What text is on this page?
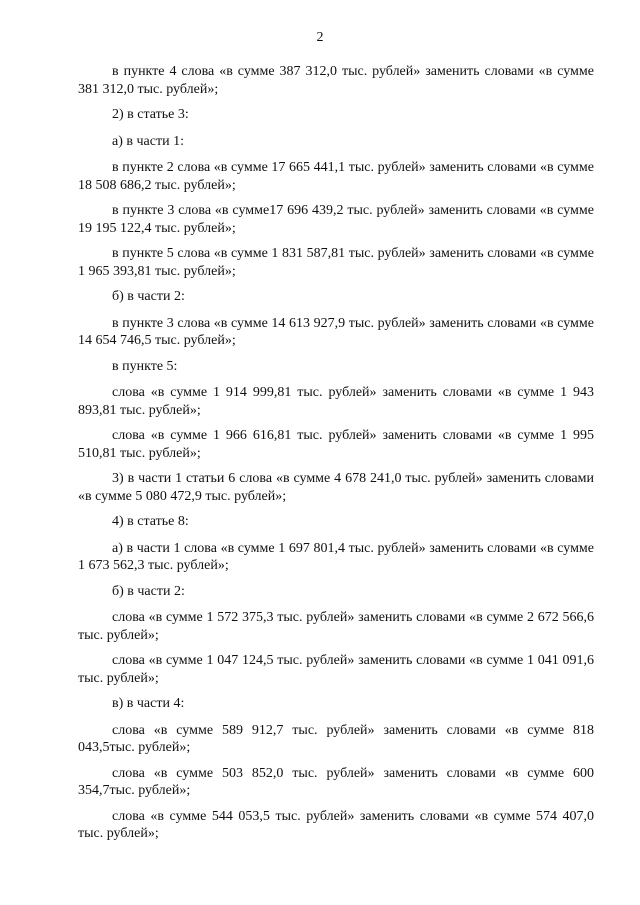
2

в пункте 4 слова «в сумме 387 312,0 тыс. рублей» заменить словами «в сумме 381 312,0 тыс. рублей»;

2) в статье 3:

а) в части 1:

в пункте 2 слова «в сумме 17 665 441,1 тыс. рублей» заменить словами «в сумме 18 508 686,2 тыс. рублей»;

в пункте 3 слова «в сумме17 696 439,2 тыс. рублей» заменить словами «в сумме 19 195 122,4 тыс. рублей»;

в пункте 5 слова «в сумме 1 831 587,81 тыс. рублей» заменить словами «в сумме 1 965 393,81 тыс. рублей»;

б) в части 2:

в пункте 3 слова «в сумме 14 613 927,9 тыс. рублей» заменить словами «в сумме 14 654 746,5 тыс. рублей»;

в пункте 5:

слова «в сумме 1 914 999,81 тыс. рублей» заменить словами «в сумме 1 943 893,81 тыс. рублей»;

слова «в сумме 1 966 616,81 тыс. рублей» заменить словами «в сумме 1 995 510,81 тыс. рублей»;

3) в части 1 статьи 6 слова «в сумме 4 678 241,0 тыс. рублей» заменить словами «в сумме 5 080 472,9 тыс. рублей»;

4) в статье 8:

а) в части 1 слова «в сумме 1 697 801,4 тыс. рублей» заменить словами «в сумме 1 673 562,3 тыс. рублей»;

б) в части 2:

слова «в сумме 1 572 375,3 тыс. рублей» заменить словами «в сумме 2 672 566,6 тыс. рублей»;

слова «в сумме 1 047 124,5 тыс. рублей» заменить словами «в сумме 1 041 091,6 тыс. рублей»;

в) в части 4:

слова «в сумме 589 912,7 тыс. рублей» заменить словами «в сумме 818 043,5тыс. рублей»;

слова «в сумме 503 852,0 тыс. рублей» заменить словами «в сумме 600 354,7тыс. рублей»;

слова «в сумме 544 053,5 тыс. рублей» заменить словами «в сумме 574 407,0 тыс. рублей»;
